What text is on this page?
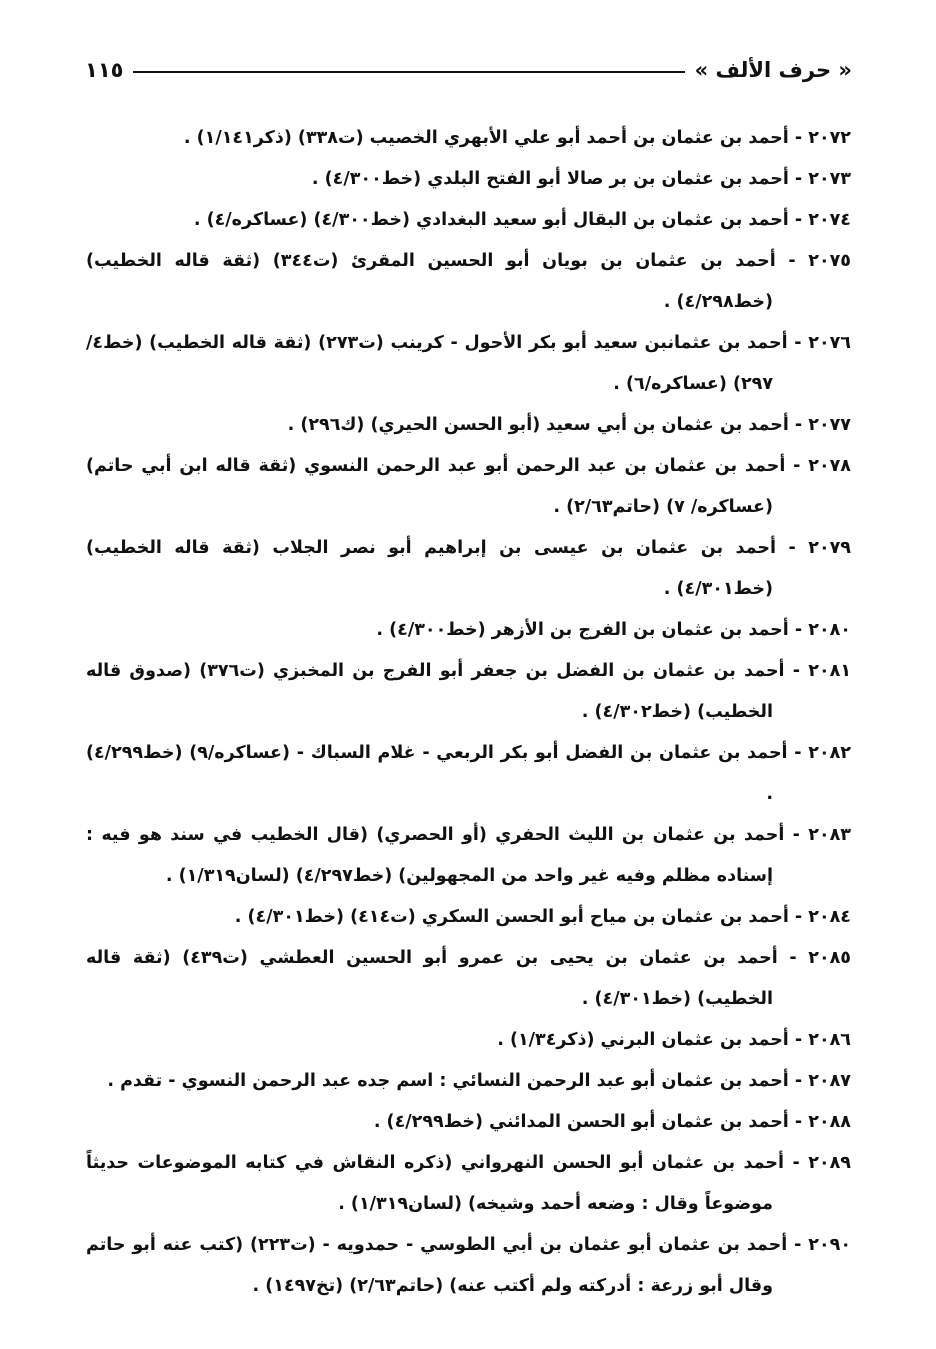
« حرف الألف »
١١٥
٢٠٧٢ - أحمد بن عثمان بن أحمد أبو علي الأبهري الخصيب (ت٣٣٨) (ذكر١/١٤١) .
٢٠٧٣ - أحمد بن عثمان بن بر صالا أبو الفتح البلدي (خط٤/٣٠٠) .
٢٠٧٤ - أحمد بن عثمان بن البقال أبو سعيد البغدادي (خط٤/٣٠٠) (عساكره/٤) .
٢٠٧٥ - أحمد بن عثمان بن بويان أبو الحسين المقرئ (ت٣٤٤) (ثقة قاله الخطيب) (خط٤/٢٩٨) .
٢٠٧٦ - أحمد بن عثمانبن سعيد أبو بكر الأحول - كرينب (ت٢٧٣) (ثقة قاله الخطيب) (خط٤/ ٢٩٧) (عساكره/٦) .
٢٠٧٧ - أحمد بن عثمان بن أبي سعيد (أبو الحسن الحيري) (ك٢٩٦) .
٢٠٧٨ - أحمد بن عثمان بن عبد الرحمن أبو عبد الرحمن النسوي (ثقة قاله ابن أبي حاتم) (عساكره/ ٧) (حاتم٢/٦٣) .
٢٠٧٩ - أحمد بن عثمان بن عيسى بن إبراهيم أبو نصر الجلاب (ثقة قاله الخطيب) (خط٤/٣٠١) .
٢٠٨٠ - أحمد بن عثمان بن الفرج بن الأزهر (خط٤/٣٠٠) .
٢٠٨١ - أحمد بن عثمان بن الفضل بن جعفر أبو الفرج بن المخبزي (ت٣٧٦) (صدوق قاله الخطيب) (خط٤/٣٠٢) .
٢٠٨٢ - أحمد بن عثمان بن الفضل أبو بكر الربعي - غلام السباك - (عساكره/٩) (خط٤/٢٩٩) .
٢٠٨٣ - أحمد بن عثمان بن الليث الحفري (أو الحصري) (قال الخطيب في سند هو فيه : إسناده مظلم وفيه غير واحد من المجهولين) (خط٤/٢٩٧) (لسان١/٣١٩) .
٢٠٨٤ - أحمد بن عثمان بن مياح أبو الحسن السكري (ت٤١٤) (خط٤/٣٠١) .
٢٠٨٥ - أحمد بن عثمان بن يحيى بن عمرو أبو الحسين العطشي (ت٤٣٩) (ثقة قاله الخطيب) (خط٤/٣٠١) .
٢٠٨٦ - أحمد بن عثمان البرني (ذكر١/٣٤) .
٢٠٨٧ - أحمد بن عثمان أبو عبد الرحمن النسائي : اسم جده عبد الرحمن النسوي - تقدم .
٢٠٨٨ - أحمد بن عثمان أبو الحسن المدائني (خط٤/٢٩٩) .
٢٠٨٩ - أحمد بن عثمان أبو الحسن النهرواني (ذكره النقاش في كتابه الموضوعات حديثاً موضوعاً وقال : وضعه أحمد وشيخه) (لسان١/٣١٩) .
٢٠٩٠ - أحمد بن عثمان أبو عثمان بن أبي الطوسي - حمدويه - (ت٢٢٣) (كتب عنه أبو حاتم وقال أبو زرعة : أدركته ولم أكتب عنه) (حاتم٢/٦٣) (تخ١٤٩٧) .
